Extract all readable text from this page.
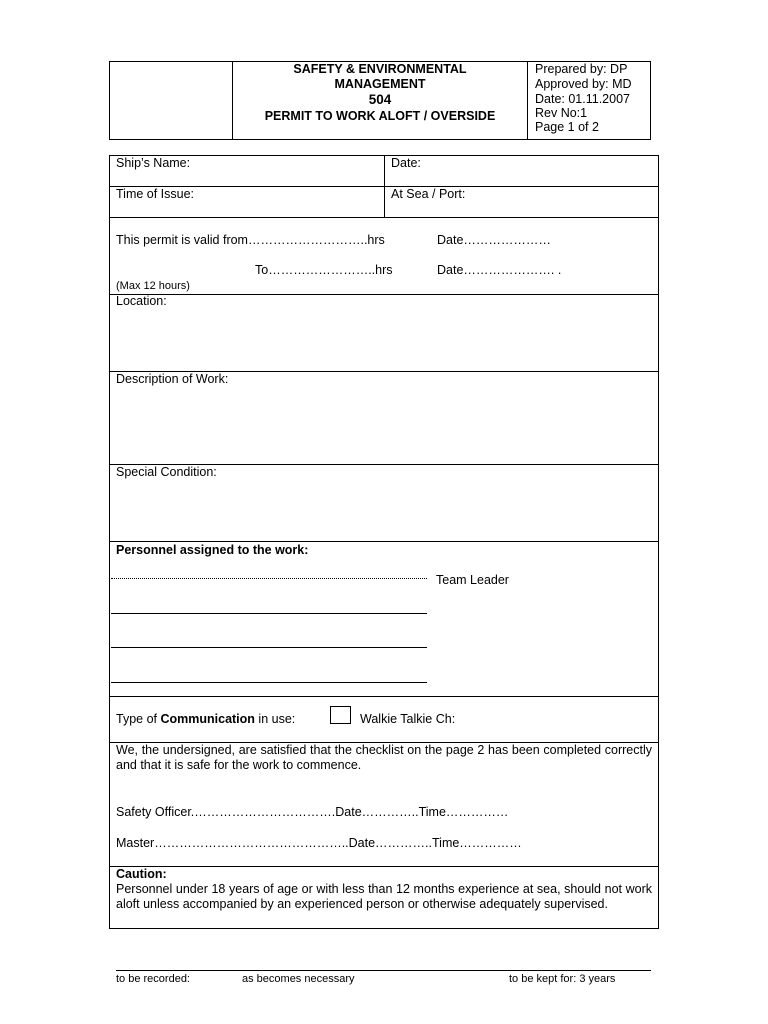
SAFETY & ENVIRONMENTAL
MANAGEMENT
504
PERMIT TO WORK ALOFT / OVERSIDE
Prepared by: DP
Approved by: MD
Date: 01.11.2007
Rev No:1
Page 1 of 2
Ship’s Name:	Date:
Time of Issue:	At Sea / Port:
This permit is valid from………………………..hrs	Date…………………
To……………………..hrs	Date…………………. .
(Max 12 hours)
Location:
Description of Work:
Special Condition:
Personnel assigned to the work:
Team Leader
Type of Communication in use:	Walkie Talkie Ch:
We, the undersigned, are satisfied that the checklist on the page 2 has been completed correctly and that it is safe for the work to commence.
Safety Officer.…………………………….Date…………..Time……………
Master………………………………………..Date…………..Time……………
Caution:
Personnel under 18 years of age or with less than 12 months experience at sea, should not work aloft unless accompanied by an experienced person or otherwise adequately supervised.
to be recorded:	as becomes necessary	to be kept for: 3 years
